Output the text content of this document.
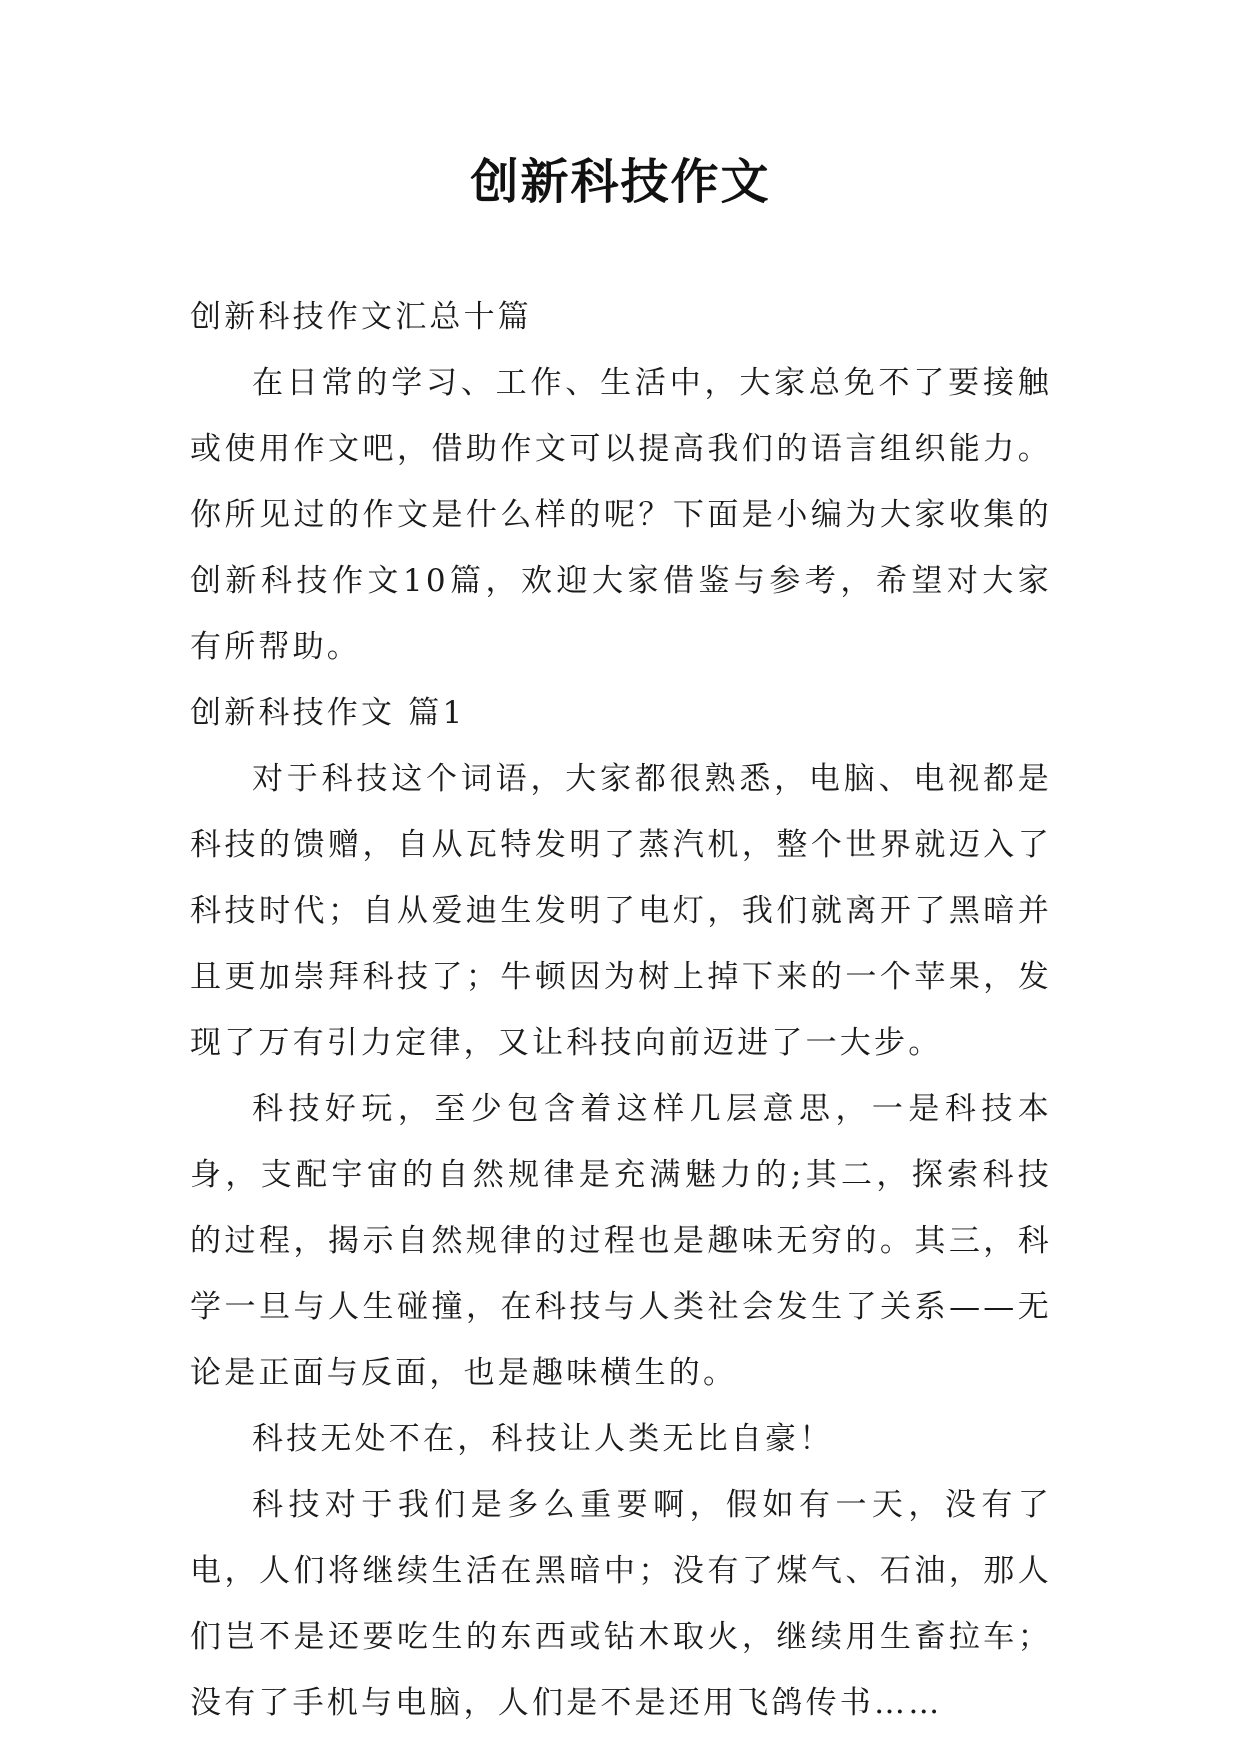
创新科技作文

创新科技作文汇总十篇

在日常的学习、工作、生活中，大家总免不了要接触或使用作文吧，借助作文可以提高我们的语言组织能力。你所见过的作文是什么样的呢？下面是小编为大家收集的创新科技作文10篇，欢迎大家借鉴与参考，希望对大家有所帮助。

创新科技作文 篇1

对于科技这个词语，大家都很熟悉，电脑、电视都是科技的馈赠，自从瓦特发明了蒸汽机，整个世界就迈入了科技时代；自从爱迪生发明了电灯，我们就离开了黑暗并且更加崇拜科技了；牛顿因为树上掉下来的一个苹果，发现了万有引力定律，又让科技向前迈进了一大步。

科技好玩，至少包含着这样几层意思，一是科技本身，支配宇宙的自然规律是充满魅力的;其二，探索科技的过程，揭示自然规律的过程也是趣味无穷的。其三，科学一旦与人生碰撞，在科技与人类社会发生了关系——无论是正面与反面，也是趣味横生的。

科技无处不在，科技让人类无比自豪！

科技对于我们是多么重要啊，假如有一天，没有了电，人们将继续生活在黑暗中；没有了煤气、石油，那人们岂不是还要吃生的东西或钻木取火，继续用生畜拉车；没有了手机与电脑，人们是不是还用飞鸽传书……
